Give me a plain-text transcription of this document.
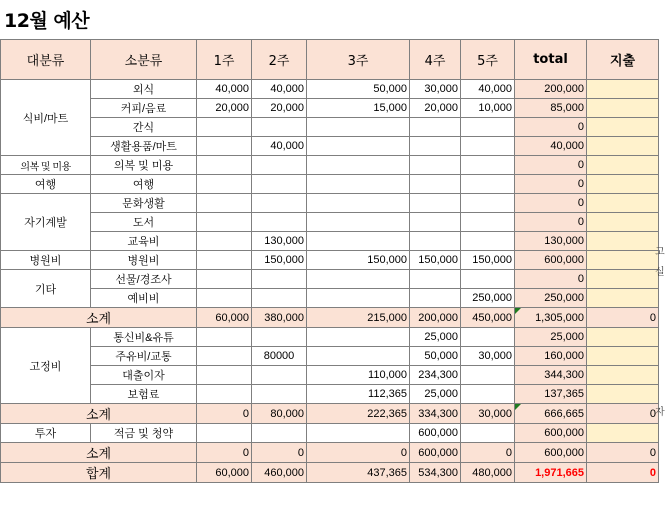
12월 예산
대분류	소분류	1주	2주	3주	4주	5주	total	지출
식비/마트	외식	40,000	40,000	50,000	30,000	40,000	200,000	
	커피/음료	20,000	20,000	15,000	20,000	10,000	85,000	
	간식						0	
	생활용품/마트		40,000				40,000	
의복 및 미용	의복 및 미용						0	
여행	여행						0	
자기계발	문화생활						0	
	도서						0	
	교육비		130,000				130,000	
병원비	병원비		150,000	150,000	150,000	150,000	600,000	
기타	선물/경조사						0	
	예비비					250,000	250,000	
소계		60,000	380,000	215,000	200,000	450,000	1,305,000	0
고정비	통신비&유튜				25,000		25,000	
	주유비/교통		80000		50,000	30,000	160,000	
	대출이자			110,000	234,300		344,300	
	보험료			112,365	25,000		137,365	
소계		0	80,000	222,365	334,300	30,000	666,665	0
투자	적금 및 청약				600,000		600,000	
소계		0	0	0	600,000	0	600,000	0
합계		60,000	460,000	437,365	534,300	480,000	1,971,665	0
고
실
자
